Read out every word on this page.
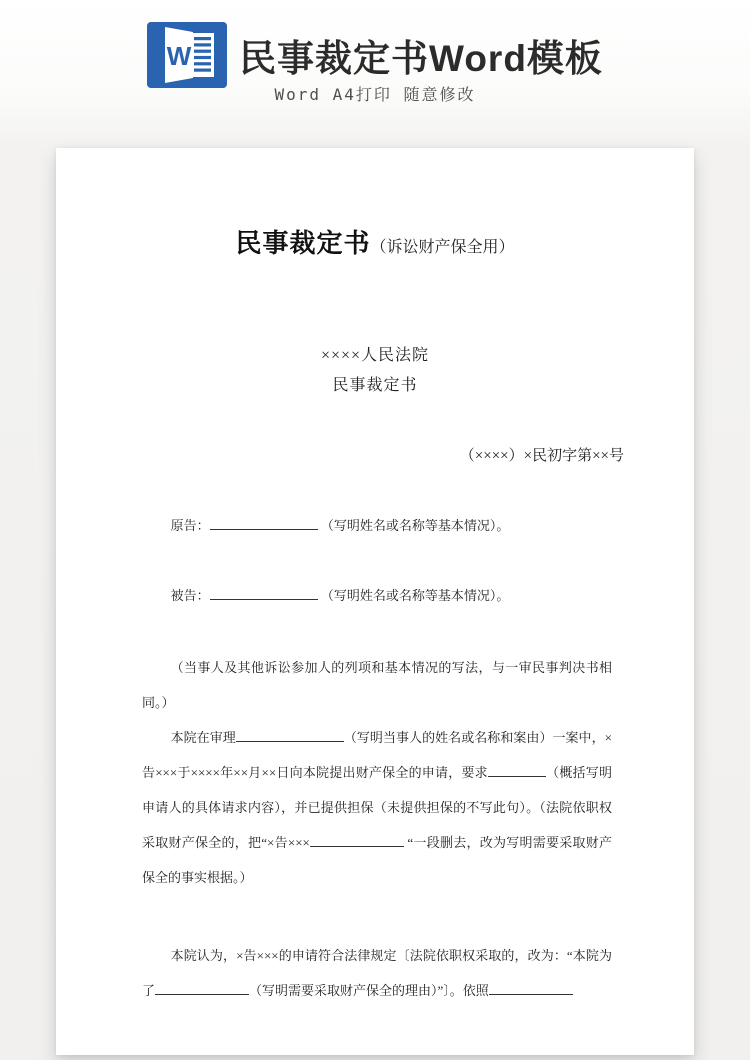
W 民事裁定书Word模板
Word A4打印 随意修改
民事裁定书（诉讼财产保全用）
××××人民法院
民事裁定书
（××××）×民初字第××号
原告：	（写明姓名或名称等基本情况）。
被告：	（写明姓名或名称等基本情况）。
（当事人及其他诉讼参加人的列项和基本情况的写法，与一审民事判决书相同。）
本院在审理	（写明当事人的姓名或名称和案由）一案中，×告×××于××××年××月××日向本院提出财产保全的申请，要求	（概括写明申请人的具体请求内容），并已提供担保（未提供担保的不写此句）。（法院依职权采取财产保全的，把“×告×××	“一段删去，改为写明需要采取财产保全的事实根据。）
本院认为，×告×××的申请符合法律规定〔法院依职权采取的，改为：“本院为了	（写明需要采取财产保全的理由）”〕。依照
